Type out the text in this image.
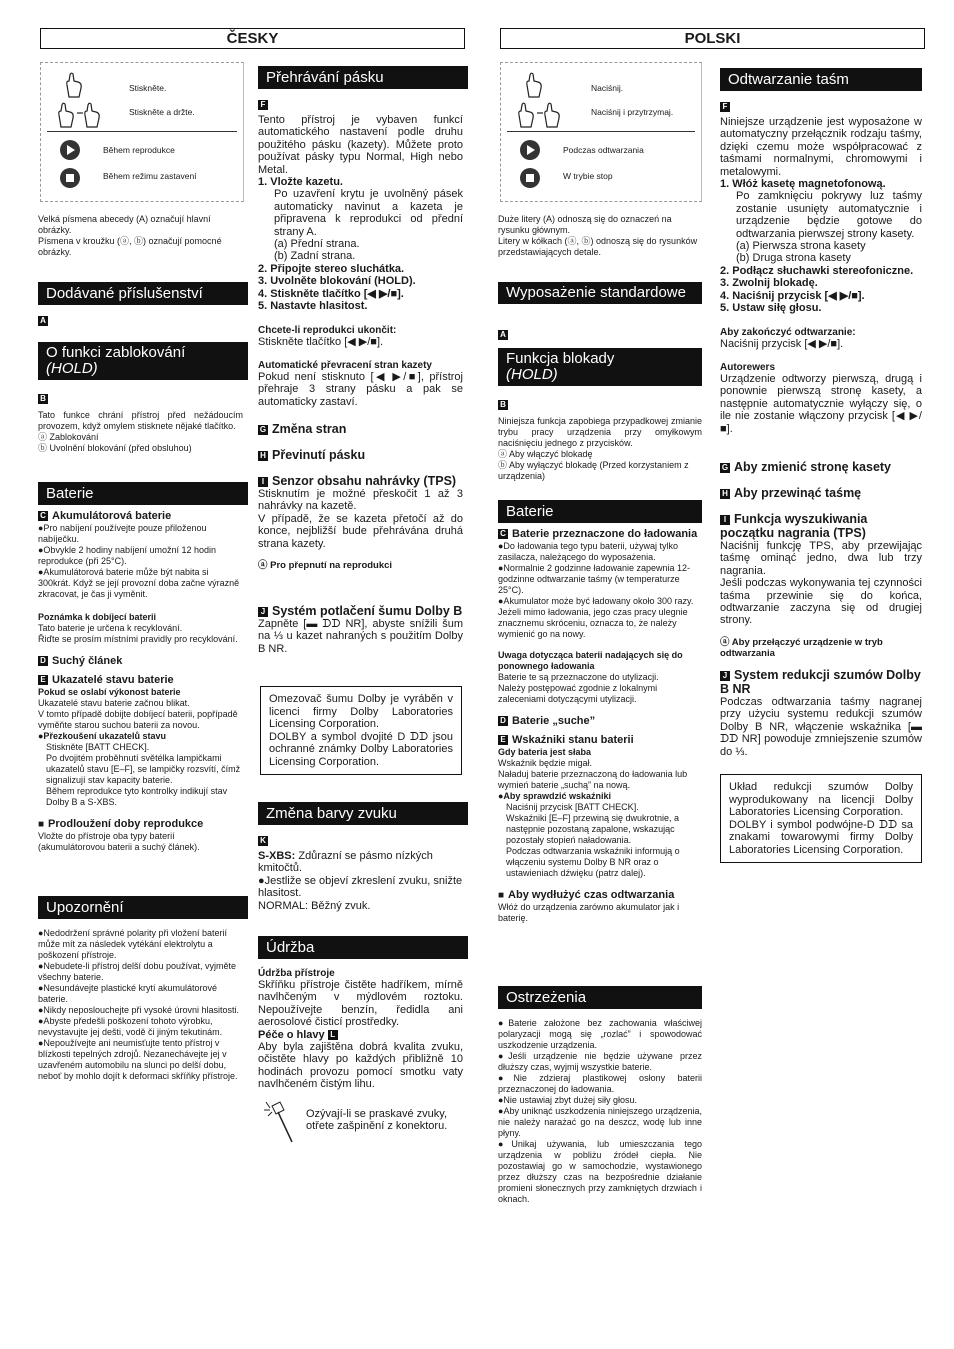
ČESKY	POLSKI
Stiskněte.
Stiskněte a držte.
Během reprodukce
Během režimu zastavení
Velká písmena abecedy (A) označují hlavní obrázky.
Písmena v kroužku (ⓐ, ⓑ) označují pomocné obrázky.
Dodávané příslušenství
A
O funkci zablokování
(HOLD)
B

Tato funkce chrání přístroj před nežádoucím provozem, když omylem stisknete nějaké tlačítko.

ⓐ Zablokování

ⓑ Uvolnění blokování (před obsluhou)

Baterie
C Akumulátorová baterie
●Pro nabíjení používejte pouze přiloženou nabíječku.
●Obvykle 2 hodiny nabíjení umožní 12 hodin reprodukce (při 25°C).
●Akumulátorová baterie může být nabita si 300krát. Když se její provozní doba začne výrazně zkracovat, je čas ji vyměnit.

Poznámka k dobíjecí baterii

Tato baterie je určena k recyklování.
Řiďte se prosím místními pravidly pro recyklování.

D Suchý článek
E Ukazatelé stavu baterie

Pokud se oslabí výkonost baterie

Ukazatelé stavu baterie začnou blikat.
V tomto případě dobijte dobíjecí baterii, popřípadě vyměňte starou suchou baterii za novou.

●Přezkoušení ukazatelů stavu

Stiskněte [BATT CHECK].
Po dvojitém proběhnutí světélka lampičkami ukazatelů stavu [E–F], se lampičky rozsvítí, čímž signalizují stav kapacity baterie.
Během reprodukce tyto kontrolky indikují stav Dolby B a S-XBS.

■ Prodloužení doby reprodukce

Vložte do přístroje oba typy baterií (akumulátorovou baterii a suchý článek).

Upozornění
●Nedodržení správné polarity při vložení baterií může mít za následek vytékání elektrolytu a poškození přístroje.
●Nebudete-li přístroj delší dobu používat, vyjměte všechny baterie.
●Nesundávejte plastické krytí akumulátorové baterie.
●Nikdy neposlouchejte při vysoké úrovni hlasitosti.
●Abyste předešli poškození tohoto výrobku, nevystavujte jej dešti, vodě či jiným tekutinám.
●Nepoužívejte ani neumisťujte tento přístroj v blízkosti tepelných zdrojů. Nezanechávejte jej v uzavřeném automobilu na slunci po delší dobu, neboť by mohlo dojít k deformaci skříňky přístroje.
Přehrávání pásku
F

Tento přístroj je vybaven funkcí automatického nastavení podle druhu použitého pásku (kazety). Můžete proto používat pásky typu Normal, High nebo Metal.

1. Vložte kazetu.

Po uzavření krytu je uvolněný pásek automaticky navinut a kazeta je připravena k reprodukci od přední strany A.

(a) Přední strana.

(b) Zadní strana.

2. Připojte stereo sluchátka.

3. Uvolněte blokování (HOLD).

4. Stiskněte tlačítko [◀ ▶/■].

5. Nastavte hlasitost.

Chcete-li reprodukci ukončit:

Stiskněte tlačítko [◀ ▶/■].

Automatické převracení stran kazety

Pokud není stisknuto [◀ ▶/■], přístroj přehraje 3 strany pásku a pak se automaticky zastaví.

G Změna stran
H Převinutí pásku
I Senzor obsahu nahrávky (TPS)

Stisknutím je možné přeskočit 1 až 3 nahrávky na kazetě.
V případě, že se kazeta přetočí až do konce, nejbližší bude přehrávána druhá strana kazety.

ⓐ Pro přepnutí na reprodukci

J Systém potlačení šumu Dolby B

Zapněte [▬ ᗪᗪ NR], abyste snížili šum na ⅓ u kazet nahraných s použitím Dolby B NR.

Omezovač šumu Dolby je vyráběn v licenci firmy Dolby Laboratories Licensing Corporation.
DOLBY a symbol dvojité D ᗪᗪ jsou ochranné známky Dolby Laboratories Licensing Corporation.
Změna barvy zvuku
K

S-XBS: Zdůrazní se pásmo nízkých kmitočtů.

●Jestliže se objeví zkreslení zvuku, snižte hlasitost.

NORMAL: Běžný zvuk.

Údržba

Údržba přístroje

Skříňku přístroje čistěte hadříkem, mírně navlhčeným v mýdlovém roztoku. Nepoužívejte benzín, ředidla ani aerosolové čisticí prostředky.

Péče o hlavy L

Aby byla zajištěna dobrá kvalita zvuku, očistěte hlavy po každých přibližně 10 hodinách provozu pomocí smotku vaty navlhčeném čistým lihu.

Ozývají-li se praskavé zvuky, otřete zašpinění z konektoru.
Naciśnij.
Naciśnij i przytrzymaj.
Podczas odtwarzania
W trybie stop
Duże litery (A) odnoszą się do oznaczeń na rysunku głównym.
Litery w kółkach (ⓐ, ⓑ) odnoszą się do rysunków przedstawiających detale.
Wyposażenie standardowe
A
Funkcja blokady
(HOLD)
B

Niniejsza funkcja zapobiega przypadkowej zmianie trybu pracy urządzenia przy omyłkowym naciśnięciu jednego z przycisków.

ⓐ Aby włączyć blokadę

ⓑ Aby wyłączyć blokadę (Przed korzystaniem z urządzenia)

Baterie
C Baterie przeznaczone do ładowania
●Do ładowania tego typu baterii, używaj tylko zasilacza, należącego do wyposażenia.
●Normalnie 2 godzinne ładowanie zapewnia 12-godzinne odtwarzanie taśmy (w temperaturze 25°C).
●Akumulator może być ładowany około 300 razy. Jeżeli mimo ładowania, jego czas pracy ulegnie znacznemu skróceniu, oznacza to, że należy wymienić go na nowy.

Uwaga dotycząca baterii nadających się do ponownego ładowania

Baterie te są przeznaczone do utylizacji.
Należy postępować zgodnie z lokalnymi zaleceniami dotyczącymi utylizacji.

D Baterie „suche”
E Wskaźniki stanu baterii

Gdy bateria jest słaba

Wskaźnik będzie migał.
Naładuj baterie przeznaczoną do ładowania lub wymień baterie „suchą” na nową.

●Aby sprawdzić wskaźniki

Naciśnij przycisk [BATT CHECK].
Wskaźniki [E–F] przewiną się dwukrotnie, a następnie pozostaną zapalone, wskazując pozostały stopień naładowania.
Podczas odtwarzania wskaźniki informują o włączeniu systemu Dolby B NR oraz o ustawieniach dźwięku (patrz dalej).

■ Aby wydłużyć czas odtwarzania

Włóż do urządzenia zarówno akumulator jak i baterię.

Ostrzeżenia
●Baterie założone bez zachowania właściwej polaryzacji mogą się „rozlać” i spowodować uszkodzenie urządzenia.
●Jeśli urządzenie nie będzie używane przez dłuższy czas, wyjmij wszystkie baterie.
●Nie zdzieraj plastikowej osłony baterii przeznaczonej do ładowania.
●Nie ustawiaj zbyt dużej siły głosu.
●Aby uniknąć uszkodzenia niniejszego urządzenia, nie należy narażać go na deszcz, wodę lub inne płyny.
●Unikaj używania, lub umieszczania tego urządzenia w pobliżu źródeł ciepła. Nie pozostawiaj go w samochodzie, wystawionego przez dłuższy czas na bezpośrednie działanie promieni słonecznych przy zamkniętych drzwiach i oknach.
Odtwarzanie taśm
F

Niniejsze urządzenie jest wyposażone w automatyczny przełącznik rodzaju taśmy, dzięki czemu może współpracować z taśmami normalnymi, chromowymi i metalowymi.

1. Włóż kasetę magnetofonową.

Po zamknięciu pokrywy luz taśmy zostanie usunięty automatycznie i urządzenie będzie gotowe do odtwarzania pierwszej strony kasety.

(a) Pierwsza strona kasety

(b) Druga strona kasety

2. Podłącz słuchawki stereofoniczne.

3. Zwolnij blokadę.

4. Naciśnij przycisk [◀ ▶/■].

5. Ustaw siłę głosu.

Aby zakończyć odtwarzanie:

Naciśnij przycisk [◀ ▶/■].

Autorewers

Urządzenie odtworzy pierwszą, drugą i ponownie pierwszą stronę kasety, a następnie automatycznie wyłączy się, o ile nie zostanie włączony przycisk [◀ ▶/■].

G Aby zmienić stronę kasety
H Aby przewinąć taśmę
I Funkcja wyszukiwania początku nagrania (TPS)

Naciśnij funkcję TPS, aby przewijając taśmę ominąć jedno, dwa lub trzy nagrania.
Jeśli podczas wykonywania tej czynności taśma przewinie się do końca, odtwarzanie zaczyna się od drugiej strony.

ⓐ Aby przełączyć urządzenie w tryb odtwarzania

J System redukcji szumów Dolby B NR

Podczas odtwarzania taśmy nagranej przy użyciu systemu redukcji szumów Dolby B NR, włączenie wskaźnika [▬ ᗪᗪ NR] powoduje zmniejszenie szumów do ⅓.

Układ redukcji szumów Dolby wyprodukowany na licencji Dolby Laboratories Licensing Corporation.
DOLBY i symbol podwójne-D ᗪᗪ sa znakami towarowymi firmy Dolby Laboratories Licensing Corporation.
